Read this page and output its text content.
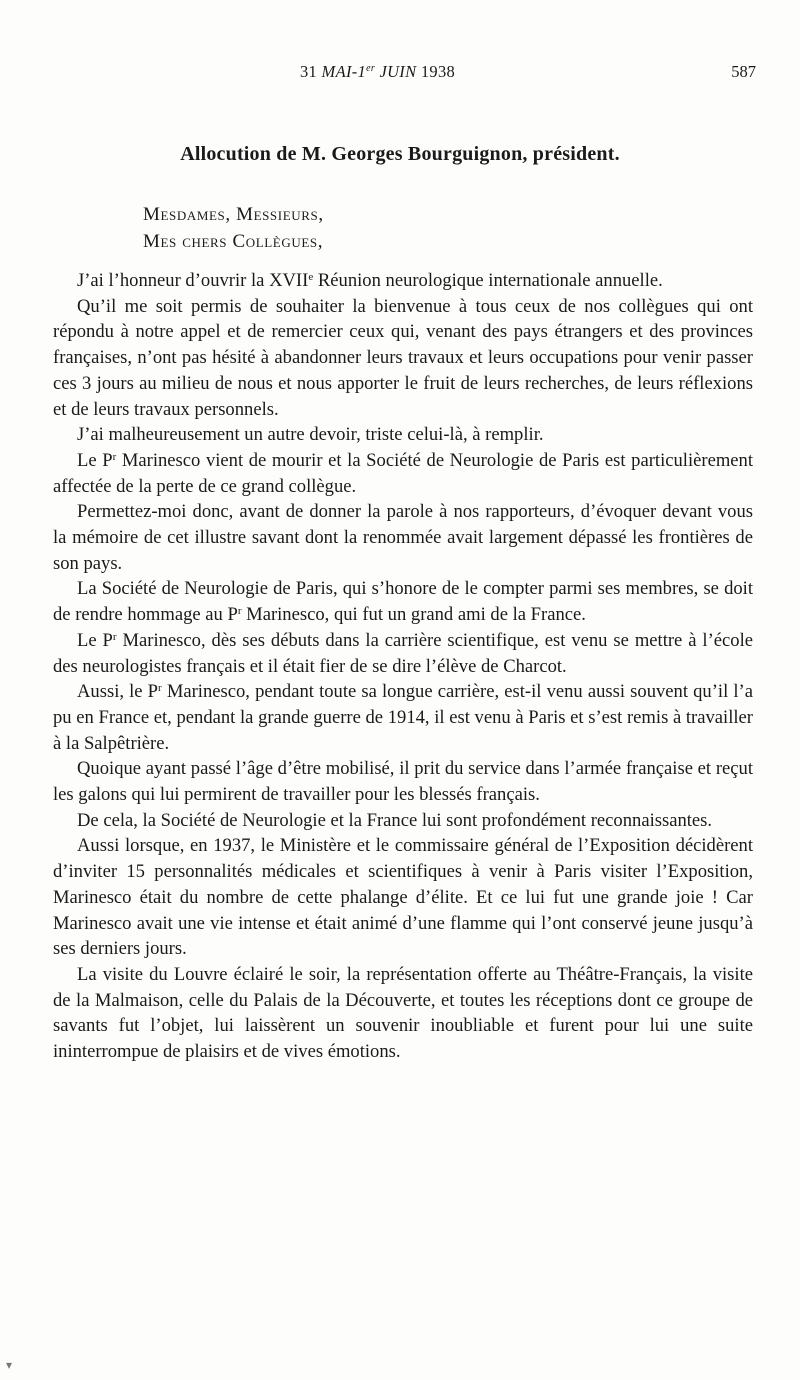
31 MAI-1er JUIN 1938	587
Allocution de M. Georges Bourguignon, président.
Mesdames, Messieurs,
Mes chers Collègues,

J’ai l’honneur d’ouvrir la XVIIe Réunion neurologique internationale annuelle.

Qu’il me soit permis de souhaiter la bienvenue à tous ceux de nos collègues qui ont répondu à notre appel et de remercier ceux qui, venant des pays étrangers et des provinces françaises, n’ont pas hésité à abandonner leurs travaux et leurs occupations pour venir passer ces 3 jours au milieu de nous et nous apporter le fruit de leurs recherches, de leurs réflexions et de leurs travaux personnels.

J’ai malheureusement un autre devoir, triste celui-là, à remplir.

Le $P^r$ Marinesco vient de mourir et la Société de Neurologie de Paris est particulièrement affectée de la perte de ce grand collègue.

Permettez-moi donc, avant de donner la parole à nos rapporteurs, d’évoquer devant vous la mémoire de cet illustre savant dont la renommée avait largement dépassé les frontières de son pays.

La Société de Neurologie de Paris, qui s’honore de le compter parmi ses membres, se doit de rendre hommage au $P^r$ Marinesco, qui fut un grand ami de la France.

Le $P^r$ Marinesco, dès ses débuts dans la carrière scientifique, est venu se mettre à l’école des neurologistes français et il était fier de se dire l’élève de Charcot.

Aussi, le $P^r$ Marinesco, pendant toute sa longue carrière, est-il venu aussi souvent qu’il l’a pu en France et, pendant la grande guerre de 1914, il est venu à Paris et s’est remis à travailler à la Salpêtrière.

Quoique ayant passé l’âge d’être mobilisé, il prit du service dans l’armée française et reçut les galons qui lui permirent de travailler pour les blessés français.

De cela, la Société de Neurologie et la France lui sont profondément reconnaissantes.

Aussi lorsque, en 1937, le Ministère et le commissaire général de l’Exposition décidèrent d’inviter 15 personnalités médicales et scientifiques à venir à Paris visiter l’Exposition, Marinesco était du nombre de cette phalange d’élite. Et ce lui fut une grande joie ! Car Marinesco avait une vie intense et était animé d’une flamme qui l’ont conservé jeune jusqu’à ses derniers jours.

La visite du Louvre éclairé le soir, la représentation offerte au Théâtre-Français, la visite de la Malmaison, celle du Palais de la Découverte, et toutes les réceptions dont ce groupe de savants fut l’objet, lui laissèrent un souvenir inoubliable et furent pour lui une suite ininterrompue de plaisirs et de vives émotions.

▾
